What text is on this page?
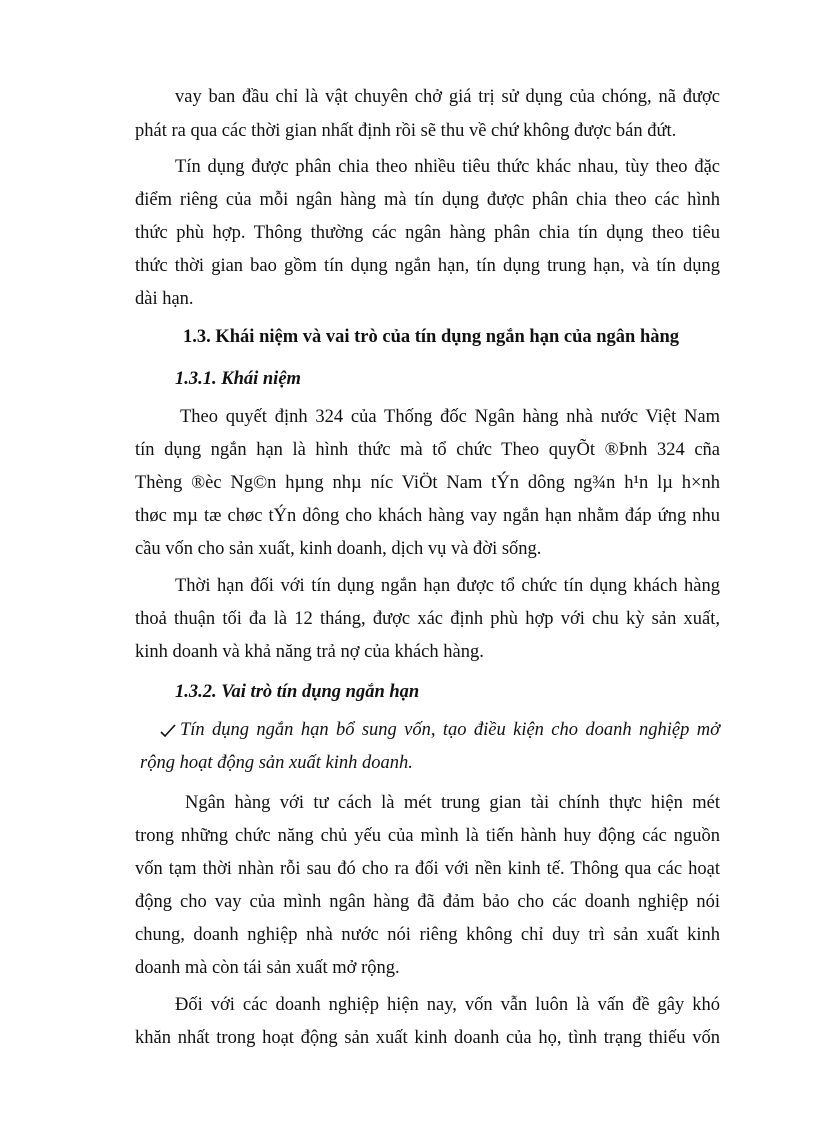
vay ban đầu chỉ là vật chuyên chở giá trị sử dụng của chóng, nã được
phát ra qua các thời gian nhất định rồi sẽ thu về chứ không được bán đứt.
Tín dụng được phân chia theo nhiều tiêu thức khác nhau, tùy theo đặc
điểm riêng của mỗi ngân hàng mà tín dụng được phân chia theo các hình
thức phù hợp. Thông thường các ngân hàng phân chia tín dụng theo tiêu
thức thời gian bao gồm tín dụng ngắn hạn, tín dụng trung hạn, và tín dụng
dài hạn.
1.3. Khái niệm và vai trò của tín dụng ngắn hạn của ngân hàng
1.3.1. Khái niệm
Theo quyết định 324 của Thống đốc Ngân hàng nhà nước Việt Nam
tín dụng ngắn hạn là hình thức mà tổ chức Theo quyÕt ®Þnh 324 cña
Thèng ®èc Ng©n hµng nhµ níc ViÖt Nam tÝn dông ng¾n h¹n lµ h×nh
thøc mµ tæ chøc tÝn dông cho khách hàng vay ngắn hạn nhằm đáp ứng nhu
cầu vốn cho sản xuất, kinh doanh, dịch vụ và đời sống.
Thời hạn đối với tín dụng ngắn hạn được tổ chức tín dụng khách hàng
thoả thuận tối đa là 12 tháng, được xác định phù hợp với chu kỳ sản xuất,
kinh doanh và khả năng trả nợ của khách hàng.
1.3.2. Vai trò tín dụng ngắn hạn
Tín dụng ngắn hạn bổ sung vốn, tạo điều kiện cho doanh nghiệp mở
rộng hoạt động sản xuất kinh doanh.
Ngân hàng với tư cách là mét trung gian tài chính thực hiện mét
trong những chức năng chủ yếu của mình là tiến hành huy động các nguồn
vốn tạm thời nhàn rỗi sau đó cho ra đối với nền kinh tế. Thông qua các hoạt
động cho vay của mình ngân hàng đã đảm bảo cho các doanh nghiệp nói
chung, doanh nghiệp nhà nước nói riêng không chỉ duy trì sản xuất kinh
doanh mà còn tái sản xuất mở rộng.
Đối với các doanh nghiệp hiện nay, vốn vẫn luôn là vấn đề gây khó
khăn nhất trong hoạt động sản xuất kinh doanh của họ, tình trạng thiếu vốn
